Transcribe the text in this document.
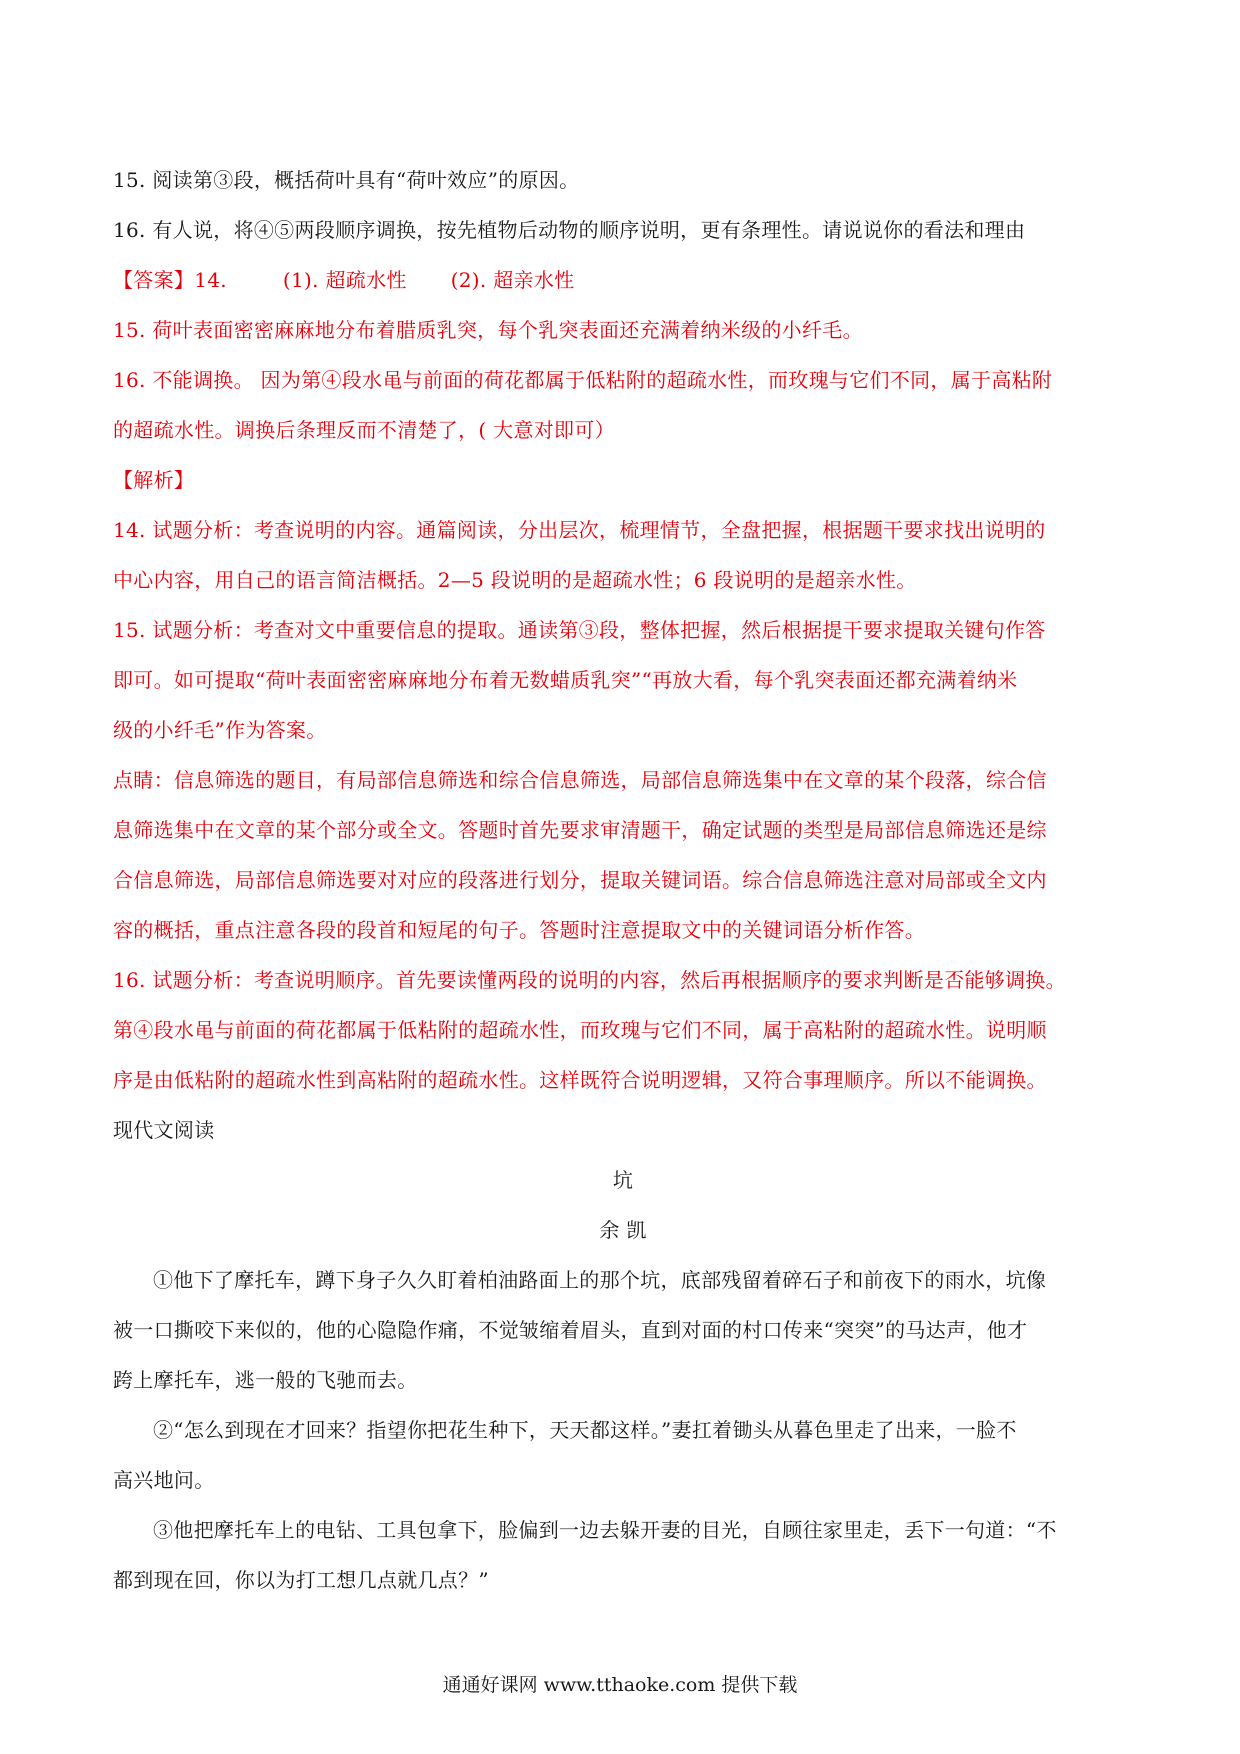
15. 阅读第③段，概括荷叶具有“荷叶效应”的原因。
16. 有人说，将④⑤两段顺序调换，按先植物后动物的顺序说明，更有条理性。请说说你的看法和理由
【答案】14.	(1). 超疏水性 (2). 超亲水性
15. 荷叶表面密密麻麻地分布着腊质乳突，每个乳突表面还充满着纳米级的小纤毛。
16. 不能调换。 因为第④段水黾与前面的荷花都属于低粘附的超疏水性，而玫瑰与它们不同，属于高粘附
的超疏水性。调换后条理反而不清楚了，( 大意对即可）
【解析】
14. 试题分析：考查说明的内容。通篇阅读，分出层次，梳理情节，全盘把握，根据题干要求找出说明的
中心内容，用自己的语言简洁概括。2—5 段说明的是超疏水性；6 段说明的是超亲水性。
15. 试题分析：考查对文中重要信息的提取。通读第③段，整体把握，然后根据提干要求提取关键句作答
即可。如可提取“荷叶表面密密麻麻地分布着无数蜡质乳突”“再放大看，每个乳突表面还都充满着纳米
级的小纤毛”作为答案。
点睛：信息筛选的题目，有局部信息筛选和综合信息筛选，局部信息筛选集中在文章的某个段落，综合信
息筛选集中在文章的某个部分或全文。答题时首先要求审清题干，确定试题的类型是局部信息筛选还是综
合信息筛选，局部信息筛选要对对应的段落进行划分，提取关键词语。综合信息筛选注意对局部或全文内
容的概括，重点注意各段的段首和短尾的句子。答题时注意提取文中的关键词语分析作答。
16. 试题分析：考查说明顺序。首先要读懂两段的说明的内容，然后再根据顺序的要求判断是否能够调换。
第④段水黾与前面的荷花都属于低粘附的超疏水性，而玫瑰与它们不同，属于高粘附的超疏水性。说明顺
序是由低粘附的超疏水性到高粘附的超疏水性。这样既符合说明逻辑，又符合事理顺序。所以不能调换。
现代文阅读
坑
余 凯
①他下了摩托车，蹲下身子久久盯着柏油路面上的那个坑，底部残留着碎石子和前夜下的雨水，坑像
被一口撕咬下来似的，他的心隐隐作痛，不觉皱缩着眉头，直到对面的村口传来“突突”的马达声，他才
跨上摩托车，逃一般的飞驰而去。
②“怎么到现在才回来？指望你把花生种下，天天都这样。”妻扛着锄头从暮色里走了出来，一脸不
高兴地问。
③他把摩托车上的电钻、工具包拿下，脸偏到一边去躲开妻的目光，自顾往家里走，丢下一句道：“不
都到现在回，你以为打工想几点就几点？”
通通好课网 www.tthaoke.com 提供下载
